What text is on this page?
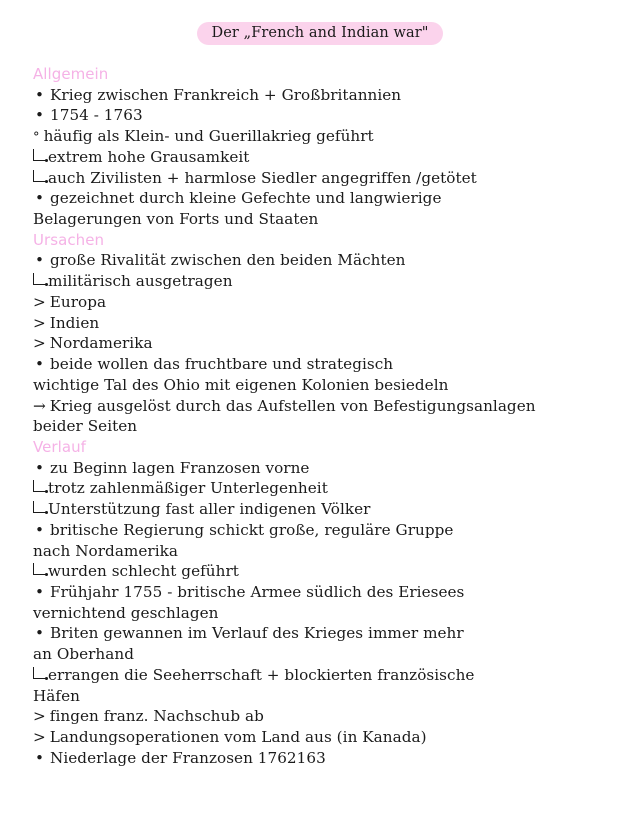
Der „French and Indian war"
Allgemein
• Krieg zwischen Frankreich + Großbritannien
• 1754 - 1763
° häufig als Klein- und Guerillakrieg geführt
extrem hohe Grausamkeit
auch Zivilisten + harmlose Siedler angegriffen /getötet
• gezeichnet durch kleine Gefechte und langwierige
Belagerungen von Forts und Staaten
Ursachen
• große Rivalität zwischen den beiden Mächten
militärisch ausgetragen
> Europa
> Indien
> Nordamerika
• beide wollen das fruchtbare und strategisch
wichtige Tal des Ohio mit eigenen Kolonien besiedeln
→ Krieg ausgelöst durch das Aufstellen von Befestigungsanlagen
beider Seiten
Verlauf
• zu Beginn lagen Franzosen vorne
trotz zahlenmäßiger Unterlegenheit
Unterstützung fast aller indigenen Völker
• britische Regierung schickt große, reguläre Gruppe
nach Nordamerika
wurden schlecht geführt
• Frühjahr 1755 - britische Armee südlich des Eriesees
vernichtend geschlagen
• Briten gewannen im Verlauf des Krieges immer mehr
an Oberhand
errangen die Seeherrschaft + blockierten französische
Häfen
> fingen franz. Nachschub ab
> Landungsoperationen vom Land aus (in Kanada)
• Niederlage der Franzosen 1762163
